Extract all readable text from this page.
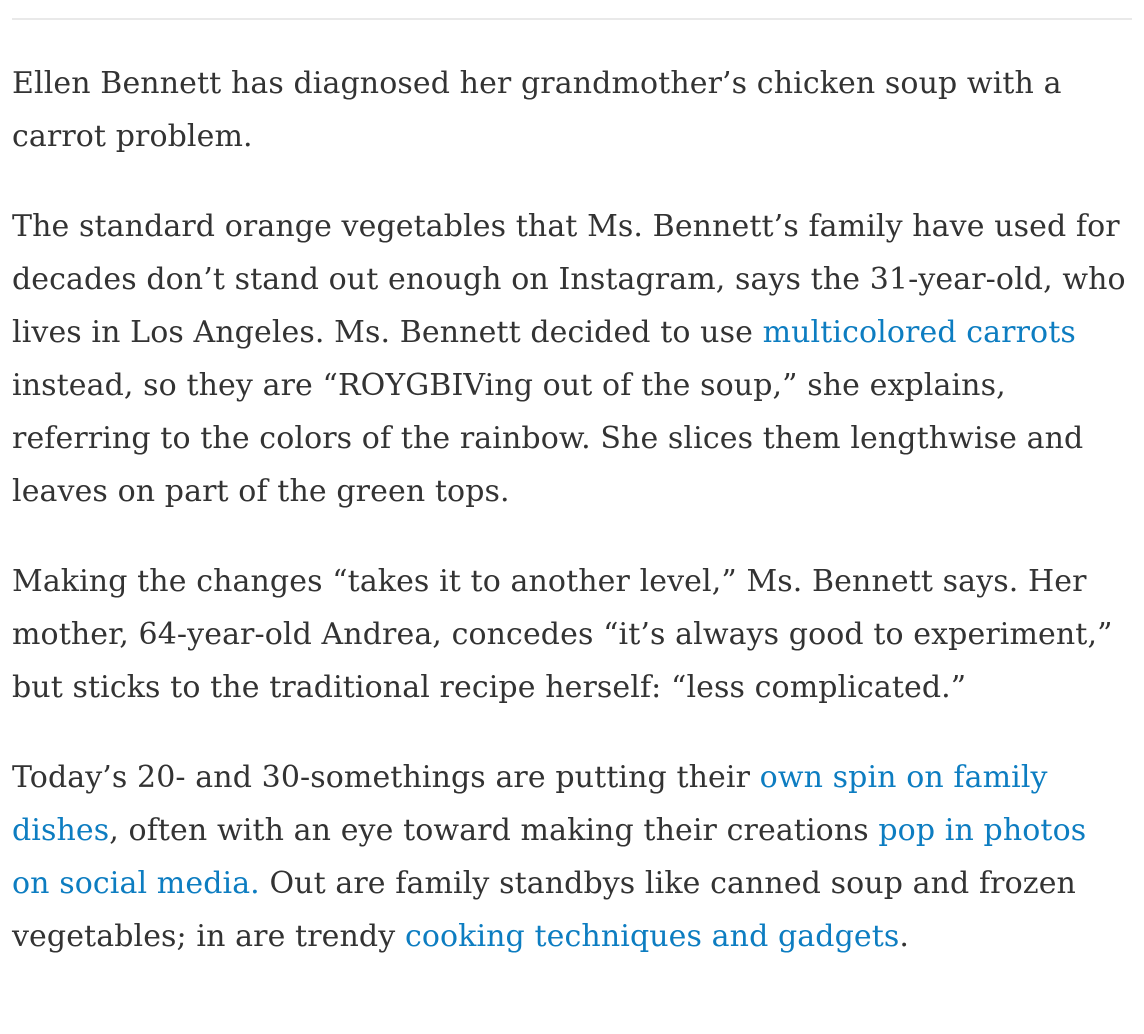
Ellen Bennett has diagnosed her grandmother’s chicken soup with a carrot problem.

The standard orange vegetables that Ms. Bennett’s family have used for decades don’t stand out enough on Instagram, says the 31-year-old, who lives in Los Angeles. Ms. Bennett decided to use multicolored carrots instead, so they are “ROYGBIVing out of the soup,” she explains, referring to the colors of the rainbow. She slices them lengthwise and leaves on part of the green tops.

Making the changes “takes it to another level,” Ms. Bennett says. Her mother, 64-year-old Andrea, concedes “it’s always good to experiment,” but sticks to the traditional recipe herself: “less complicated.”

Today’s 20- and 30-somethings are putting their own spin on family dishes, often with an eye toward making their creations pop in photos on social media. Out are family standbys like canned soup and frozen vegetables; in are trendy cooking techniques and gadgets.
